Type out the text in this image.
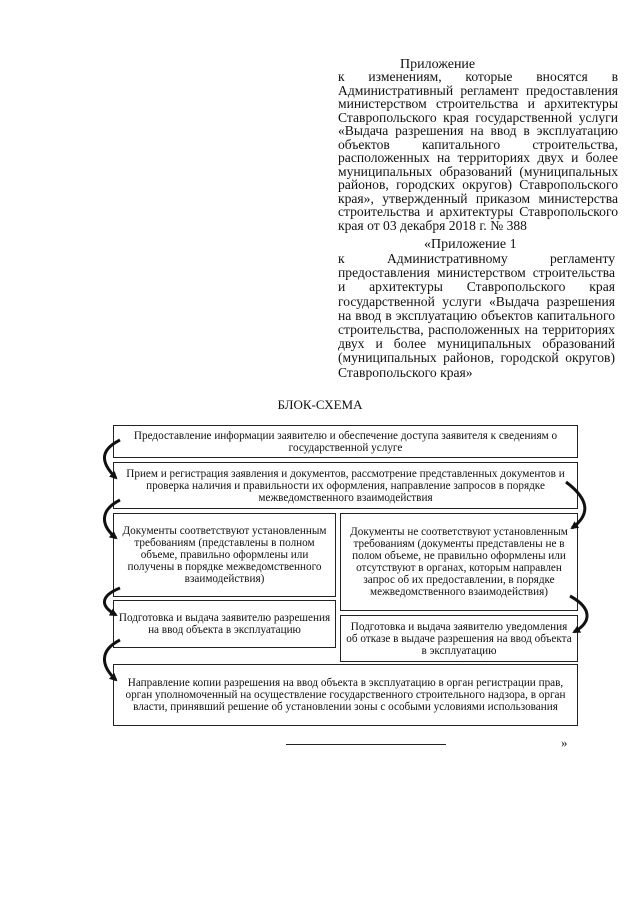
Приложение
к изменениям, которые вносятся в Административный регламент предоставления министерством строительства и архитектуры Ставропольского края государственной услуги «Выдача разрешения на ввод в эксплуатацию объектов капитального строительства, расположенных на территориях двух и более муниципальных образований (муниципальных районов, городских округов) Ставропольского края», утвержденный приказом министерства строительства и архитектуры Ставропольского края от 03 декабря 2018 г. № 388
«Приложение 1
к Административному регламенту предоставления министерством строительства и архитектуры Ставропольского края государственной услуги «Выдача разрешения на ввод в эксплуатацию объектов капитального строительства, расположенных на территориях двух и более муниципальных образований (муниципальных районов, городской округов) Ставропольского края»
БЛОК-СХЕМА
Предоставление информации заявителю и обеспечение доступа заявителя к сведениям о государственной услуге
Прием и регистрация заявления и документов, рассмотрение представленных документов и проверка наличия и правильности их оформления, направление запросов в порядке межведомственного взаимодействия
Документы соответствуют установленным требованиям (представлены в полном объеме, правильно оформлены или получены в порядке межведомственного взаимодействия)
Документы не соответствуют установленным требованиям (документы представлены не в полом объеме, не правильно оформлены или отсутствуют в органах, которым направлен запрос об их предоставлении, в порядке межведомственного взаимодействия)
Подготовка и выдача заявителю разрешения на ввод объекта в эксплуатацию	Подготовка и выдача заявителю уведомления об отказе в выдаче разрешения на ввод объекта в эксплуатацию
Направление копии разрешения на ввод объекта в эксплуатацию в орган регистрации прав, орган уполномоченный на осуществление государственного строительного надзора, в орган власти, принявший решение об установлении зоны с особыми условиями использования
»
